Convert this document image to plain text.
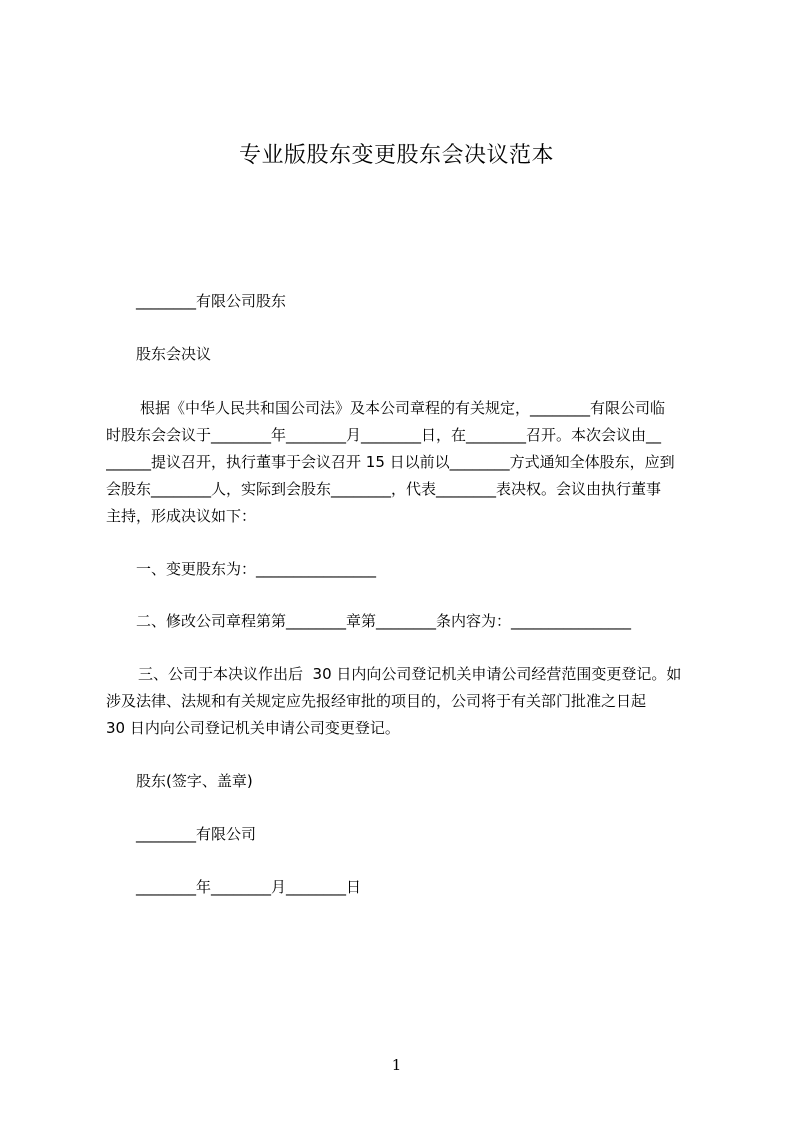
专业版股东变更股东会决议范本
________有限公司股东
股东会决议
根据《中华人民共和国公司法》及本公司章程的有关规定，________有限公司临
时股东会会议于________年________月________日，在________召开。本次会议由__
______提议召开，执行董事于会议召开 15 日以前以________方式通知全体股东，应到
会股东________人，实际到会股东________，代表________表决权。会议由执行董事
主持，形成决议如下：
一、变更股东为：________________
二、修改公司章程第第________章第________条内容为：________________
三、公司于本决议作出后  30 日内向公司登记机关申请公司经营范围变更登记。如
涉及法律、法规和有关规定应先报经审批的项目的，公司将于有关部门批准之日起
30 日内向公司登记机关申请公司变更登记。
股东(签字、盖章)
________有限公司
________年________月________日
1
